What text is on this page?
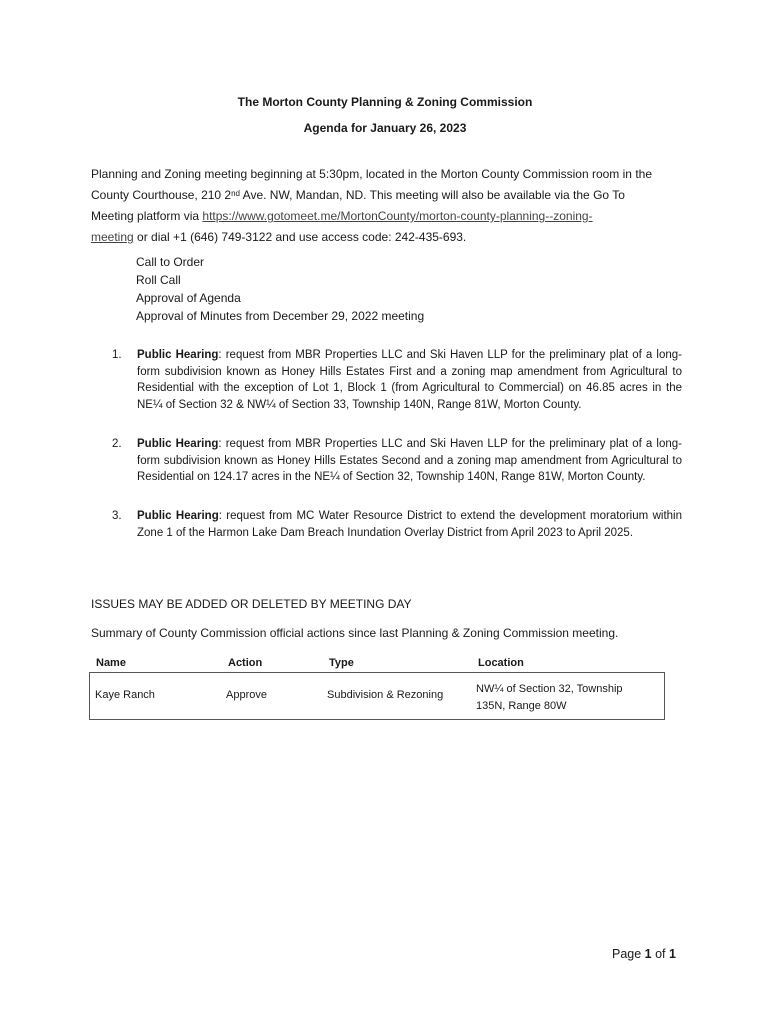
The Morton County Planning & Zoning Commission
Agenda for January 26, 2023
Planning and Zoning meeting beginning at 5:30pm, located in the Morton County Commission room in the
County Courthouse, 210 2nd Ave. NW, Mandan, ND. This meeting will also be available via the Go To
Meeting platform via https://www.gotomeet.me/MortonCounty/morton-county-planning--zoning-
meeting or dial +1 (646) 749-3122 and use access code: 242-435-693.
Call to Order
Roll Call
Approval of Agenda
Approval of Minutes from December 29, 2022 meeting
1. Public Hearing: request from MBR Properties LLC and Ski Haven LLP for the preliminary plat of a long-form subdivision known as Honey Hills Estates First and a zoning map amendment from Agricultural to Residential with the exception of Lot 1, Block 1 (from Agricultural to Commercial) on 46.85 acres in the NE¼ of Section 32 & NW¼ of Section 33, Township 140N, Range 81W, Morton County.
2. Public Hearing: request from MBR Properties LLC and Ski Haven LLP for the preliminary plat of a long-form subdivision known as Honey Hills Estates Second and a zoning map amendment from Agricultural to Residential on 124.17 acres in the NE¼ of Section 32, Township 140N, Range 81W, Morton County.
3. Public Hearing: request from MC Water Resource District to extend the development moratorium within Zone 1 of the Harmon Lake Dam Breach Inundation Overlay District from April 2023 to April 2025.
ISSUES MAY BE ADDED OR DELETED BY MEETING DAY
Summary of County Commission official actions since last Planning & Zoning Commission meeting.
Name	Action	Type	Location
Kaye Ranch	Approve	Subdivision & Rezoning	NW¼ of Section 32, Township
135N, Range 80W
Page 1 of 1
